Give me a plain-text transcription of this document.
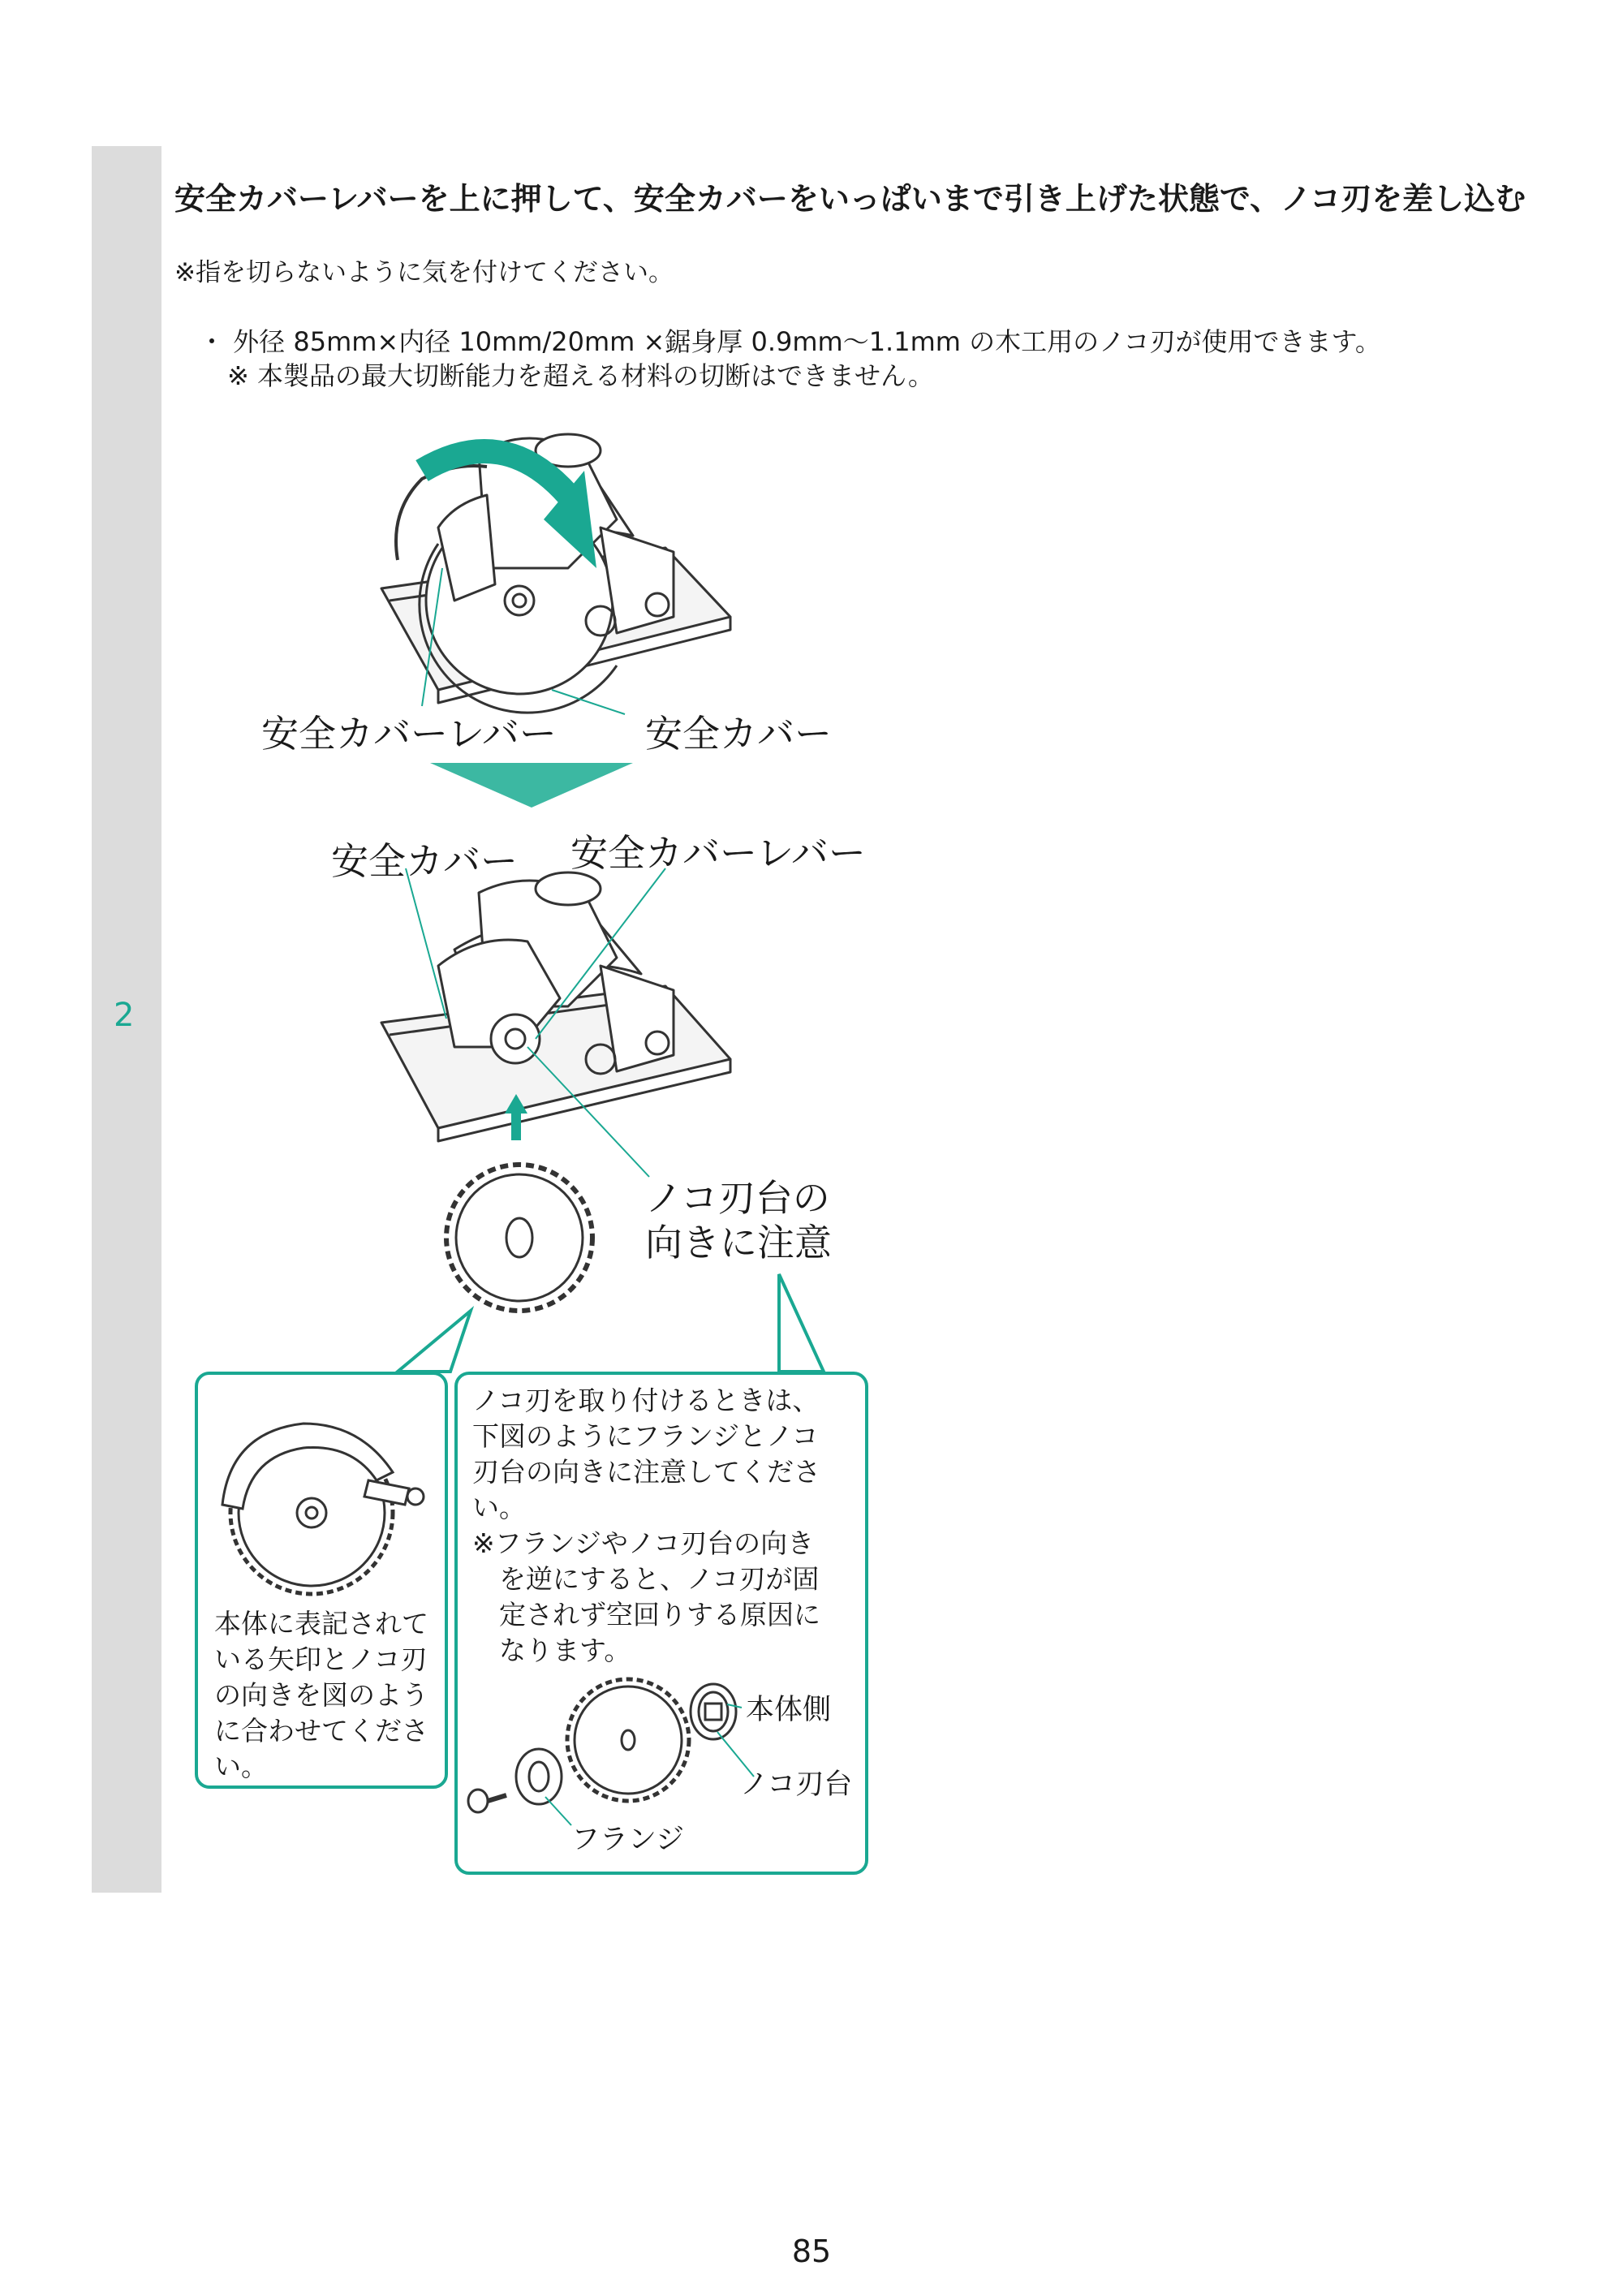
2
安全カバーレバーを上に押して、安全カバーをいっぱいまで引き上げた状態で、ノコ刃を差し込む
※指を切らないように気を付けてください。
・ 外径 85mm×内径 10mm/20mm ×鋸身厚 0.9mm〜1.1mm の木工用のノコ刃が使用できます。
※ 本製品の最大切断能力を超える材料の切断はできません。
安全カバーレバー 安全カバー
安全カバー 安全カバーレバー
ノコ刃台の
向きに注意
本体に表記されて
いる矢印とノコ刃
の向きを図のよう
に合わせてくださ
い。
ノコ刃を取り付けるときは、
下図のようにフランジとノコ
刃台の向きに注意してくださ
い。
※フランジやノコ刃台の向き
　を逆にすると、ノコ刃が固
　定されず空回りする原因に
　なります。
本体側
ノコ刃台
フランジ
85
